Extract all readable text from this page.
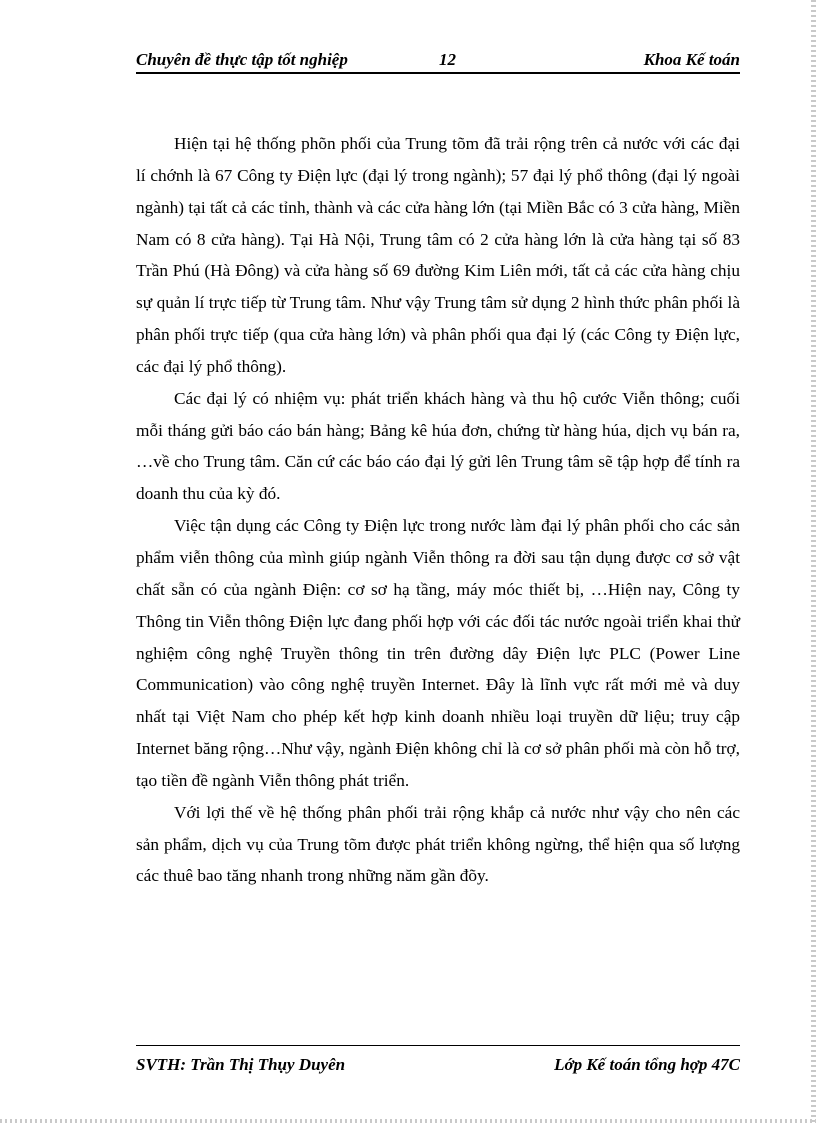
Chuyên đề thực tập tốt nghiệp	12	Khoa Kế toán

Hiện tại hệ thống phõn phối của Trung tõm đã trải rộng trên cả nước với các đại lí chớnh là 67 Công ty Điện lực (đại lý trong ngành); 57 đại lý phổ thông (đại lý ngoài ngành) tại tất cả các tỉnh, thành và các cửa hàng lớn (tại Miền Bắc có 3 cửa hàng, Miền Nam có 8 cửa hàng). Tại Hà Nội, Trung tâm có 2 cửa hàng lớn là cửa hàng tại số 83 Trần Phú (Hà Đông) và cửa hàng số 69 đường Kim Liên mới, tất cả các cửa hàng chịu sự quản lí trực tiếp từ Trung tâm. Như vậy Trung tâm sử dụng 2 hình thức phân phối là phân phối trực tiếp (qua cửa hàng lớn) và phân phối qua đại lý (các Công ty Điện lực, các đại lý phổ thông).

Các đại lý có nhiệm vụ: phát triển khách hàng và thu hộ cước Viễn thông; cuối mỗi tháng gửi báo cáo bán hàng; Bảng kê húa đơn, chứng từ hàng húa, dịch vụ bán ra, …về cho Trung tâm. Căn cứ các báo cáo đại lý gửi lên Trung tâm sẽ tập hợp để tính ra doanh thu của kỳ đó.

Việc tận dụng các Công ty Điện lực trong nước làm đại lý phân phối cho các sản phẩm viễn thông của mình giúp ngành Viễn thông ra đời sau tận dụng được cơ sở vật chất sẵn có của ngành Điện: cơ sơ hạ tầng, máy móc thiết bị, …Hiện nay, Công ty Thông tin Viễn thông Điện lực đang phối hợp với các đối tác nước ngoài triển khai thử nghiệm công nghệ Truyền thông tin trên đường dây Điện lực PLC (Power Line Communication) vào công nghệ truyền Internet. Đây là lĩnh vực rất mới mẻ và duy nhất tại Việt Nam cho phép kết hợp kinh doanh nhiều loại truyền dữ liệu; truy cập Internet băng rộng…Như vậy, ngành Điện không chỉ là cơ sở phân phối mà còn hỗ trợ, tạo tiền đề ngành Viễn thông phát triển.

Với lợi thế về hệ thống phân phối trải rộng khắp cả nước như vậy cho nên các sản phẩm, dịch vụ của Trung tõm được phát triển không ngừng, thể hiện qua số lượng các thuê bao tăng nhanh trong những năm gần đõy.

SVTH: Trần Thị Thụy Duyên	Lớp Kế toán tổng hợp 47C
